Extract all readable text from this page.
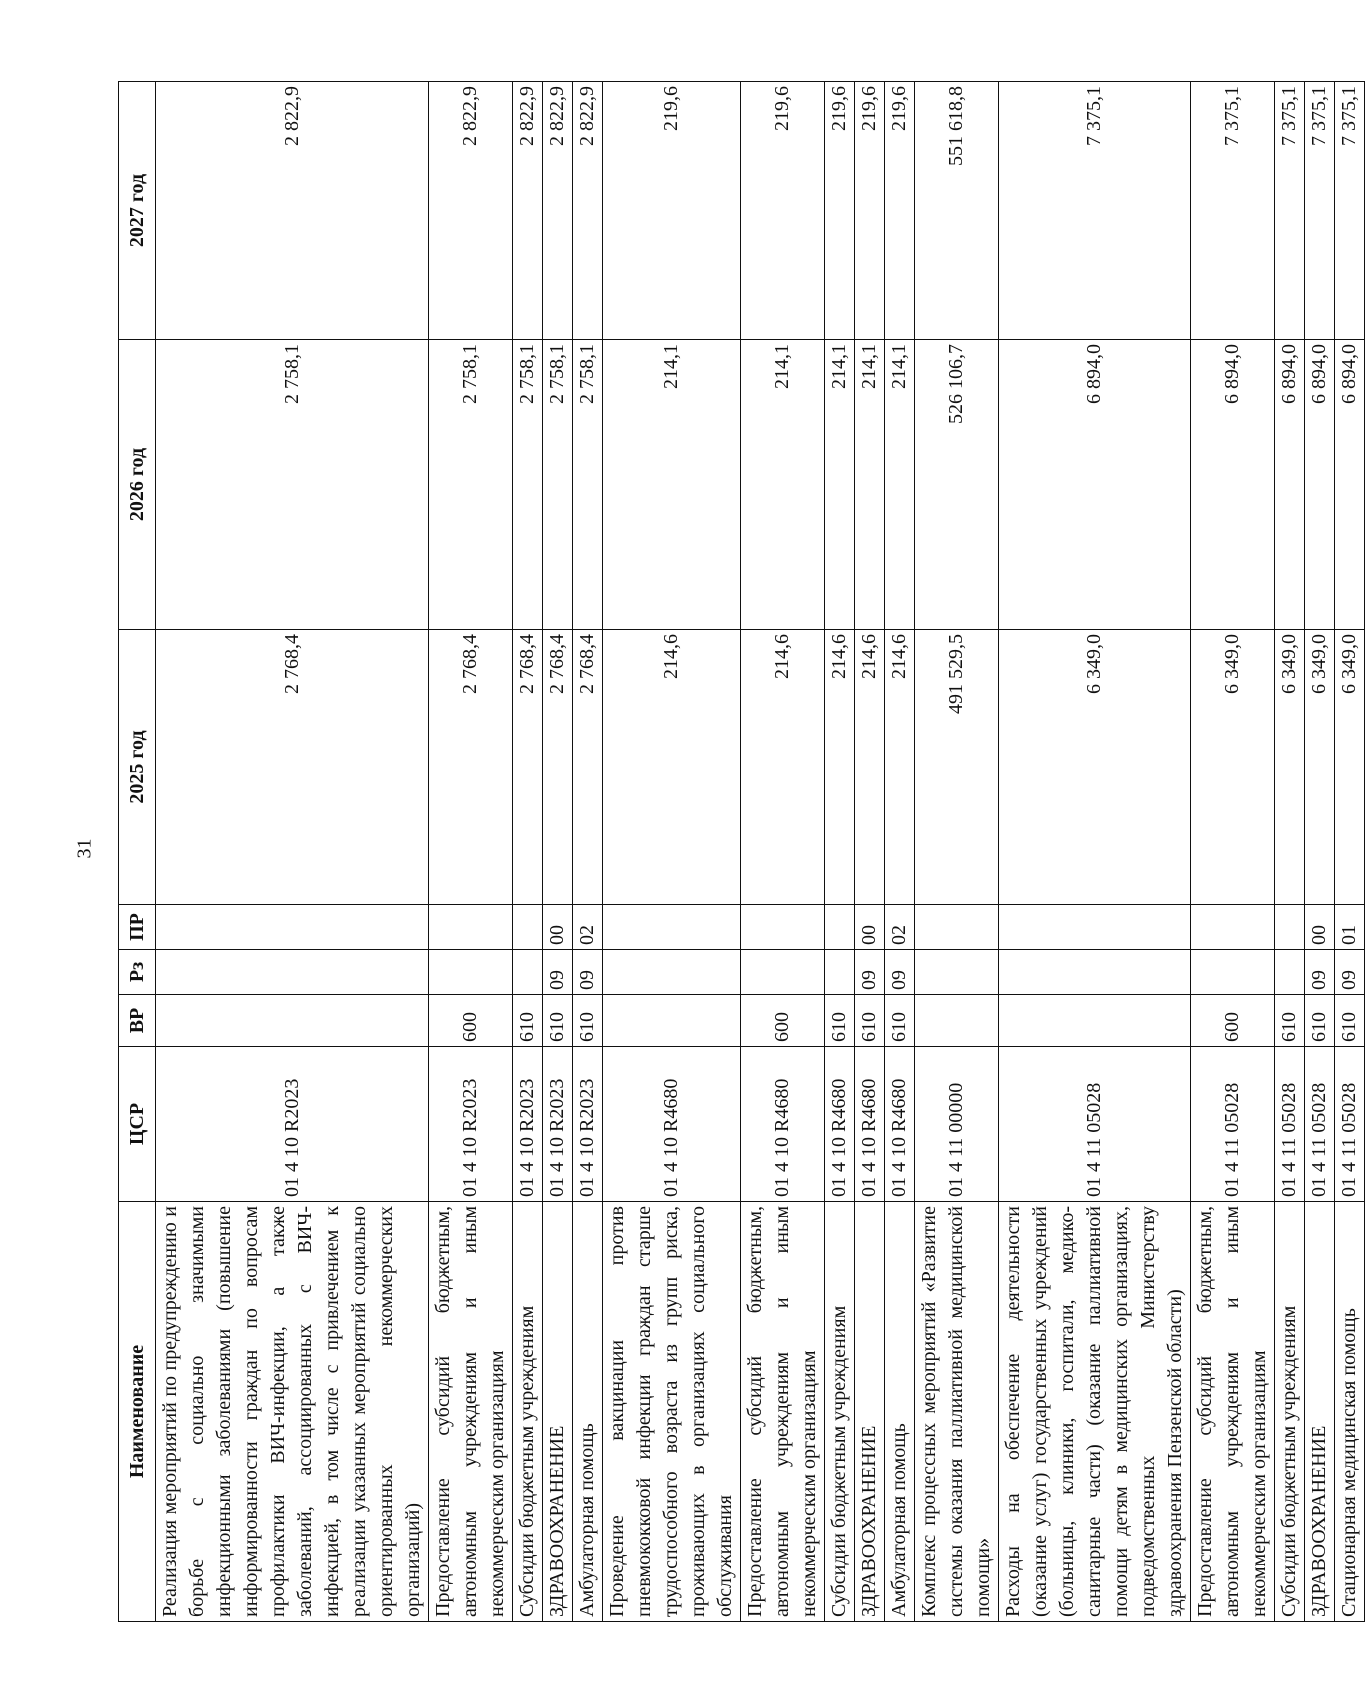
31
Наименование	ЦСР	ВР	Рз	ПР	2025 год	2026 год	2027 год
Реализация мероприятий по предупреждению и борьбе с социально значимыми инфекционными заболеваниями (повышение информированности граждан по вопросам профилактики ВИЧ-инфекции, а также заболеваний, ассоциированных с ВИЧ-инфекцией, в том числе с привлечением к реализации указанных мероприятий социально ориентированных некоммерческих организаций)	01 4 10 R2023				2 768,4	2 758,1	2 822,9
Предоставление субсидий бюджетным, автономным учреждениям и иным некоммерческим организациям	01 4 10 R2023	600			2 768,4	2 758,1	2 822,9
Субсидии бюджетным учреждениям	01 4 10 R2023	610			2 768,4	2 758,1	2 822,9
ЗДРАВООХРАНЕНИЕ	01 4 10 R2023	610	09	00	2 768,4	2 758,1	2 822,9
Амбулаторная помощь	01 4 10 R2023	610	09	02	2 768,4	2 758,1	2 822,9
Проведение вакцинации против пневмококковой инфекции граждан старше трудоспособного возраста из групп риска, проживающих в организациях социального обслуживания	01 4 10 R4680				214,6	214,1	219,6
Предоставление субсидий бюджетным, автономным учреждениям и иным некоммерческим организациям	01 4 10 R4680	600			214,6	214,1	219,6
Субсидии бюджетным учреждениям	01 4 10 R4680	610			214,6	214,1	219,6
ЗДРАВООХРАНЕНИЕ	01 4 10 R4680	610	09	00	214,6	214,1	219,6
Амбулаторная помощь	01 4 10 R4680	610	09	02	214,6	214,1	219,6
Комплекс процессных мероприятий «Развитие системы оказания паллиативной медицинской помощи»	01 4 11 00000				491 529,5	526 106,7	551 618,8
Расходы на обеспечение деятельности (оказание услуг) государственных учреждений (больницы, клиники, госпитали, медико-санитарные части) (оказание паллиативной помощи детям в медицинских организациях, подведомственных Министерству здравоохранения Пензенской области)	01 4 11 05028				6 349,0	6 894,0	7 375,1
Предоставление субсидий бюджетным, автономным учреждениям и иным некоммерческим организациям	01 4 11 05028	600			6 349,0	6 894,0	7 375,1
Субсидии бюджетным учреждениям	01 4 11 05028	610			6 349,0	6 894,0	7 375,1
ЗДРАВООХРАНЕНИЕ	01 4 11 05028	610	09	00	6 349,0	6 894,0	7 375,1
Стационарная медицинская помощь	01 4 11 05028	610	09	01	6 349,0	6 894,0	7 375,1
